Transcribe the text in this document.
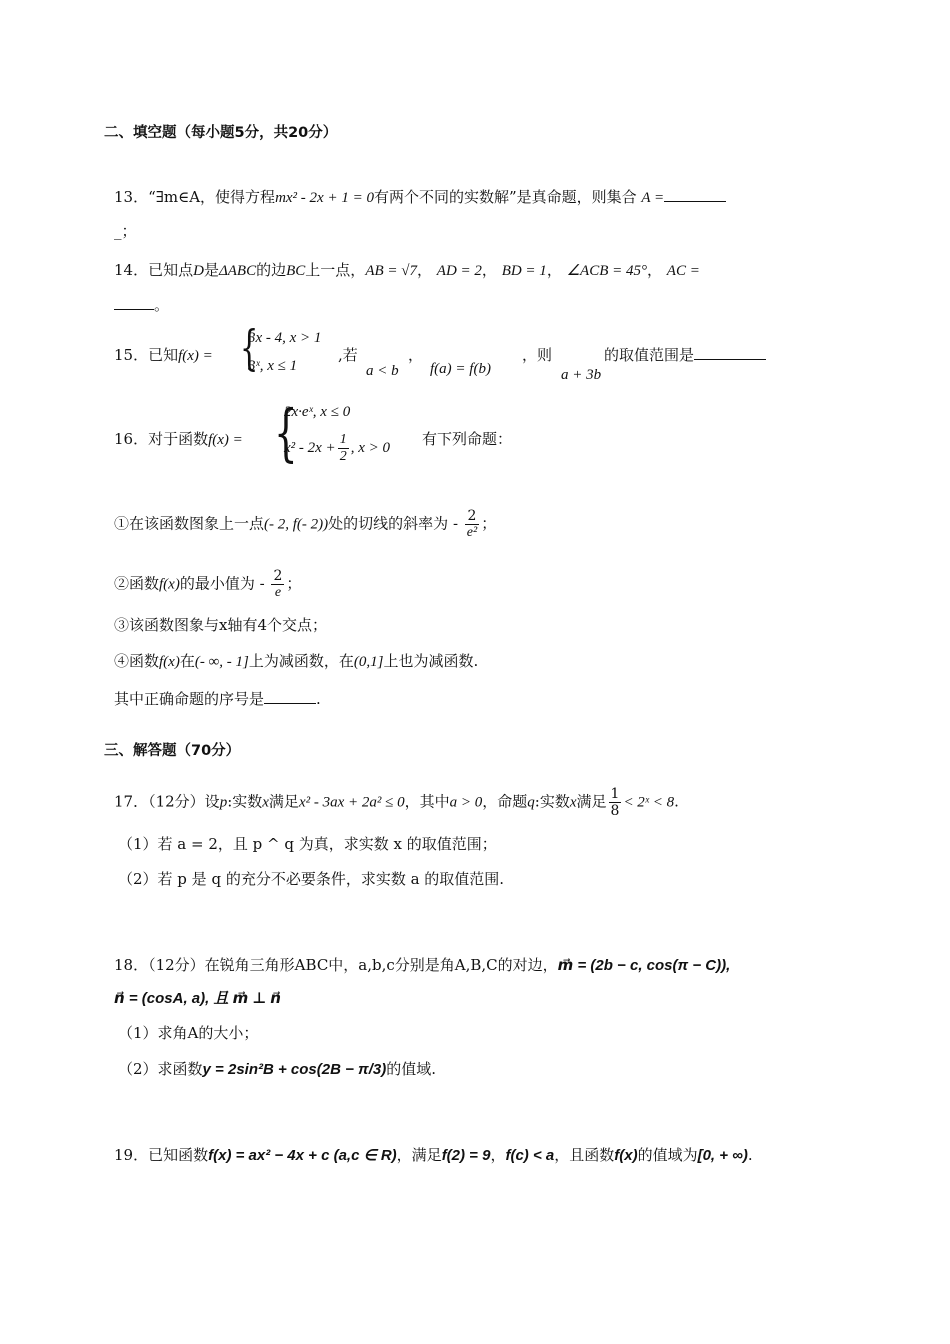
二、填空题（每小题5分，共20分）
13．“∃m∈A，使得方程mx² - 2x + 1 = 0有两个不同的实数解”是真命题，则集合 A =
_；
14．已知点D是ΔABC的边BC上一点，AB = √7， AD = 2， BD = 1， ∠ACB = 45°， AC =
。
15．已知f(x) = {
3x - 4, x > 1
3ˣ, x ≤ 1
,若
a < b
，
f(a) = f(b)
，则
a + 3b
的取值范围是
16．对于函数f(x) = {
2x·eˣ, x ≤ 0
$x^2 - 2x + \frac{1}{2}$ , x > 0 有下列命题：
①在该函数图象上一点(- 2, f(- 2))处的切线的斜率为 - $\frac{2}{\text{e²}}$ ；
②函数f(x)的最小值为 - $\frac{2}{e}$ ；
③该函数图象与x轴有4个交点；
④函数f(x)在(- ∞, - 1]上为减函数，在(0,1]上也为减函数.
其中正确命题的序号是	.
三、解答题（70分）
17．（12分）设p:实数x满足x² - 3ax + 2a² ≤ 0，其中a > 0，命题q:实数x满足 $\frac{1}{8}$ < 2ˣ < 8.
（1）若 a = 2，且 p ^ q 为真，求实数 x 的取值范围；
（2）若 p 是 q 的充分不必要条件，求实数 a 的取值范围.
18．（12分）在锐角三角形ABC中，a,b,c分别是角A,B,C的对边，m⃗ = (2b − c, cos(π − C)),
n⃗ = (cosA, a), 且 m⃗ ⊥ n⃗
（1）求角A的大小；
（2）求函数y = 2sin²B + cos(2B − π/3)的值域.
19．已知函数f(x) = ax² − 4x + c (a,c ∈ R)，满足f(2) = 9，f(c) < a，且函数f(x)的值域为[0, + ∞).
